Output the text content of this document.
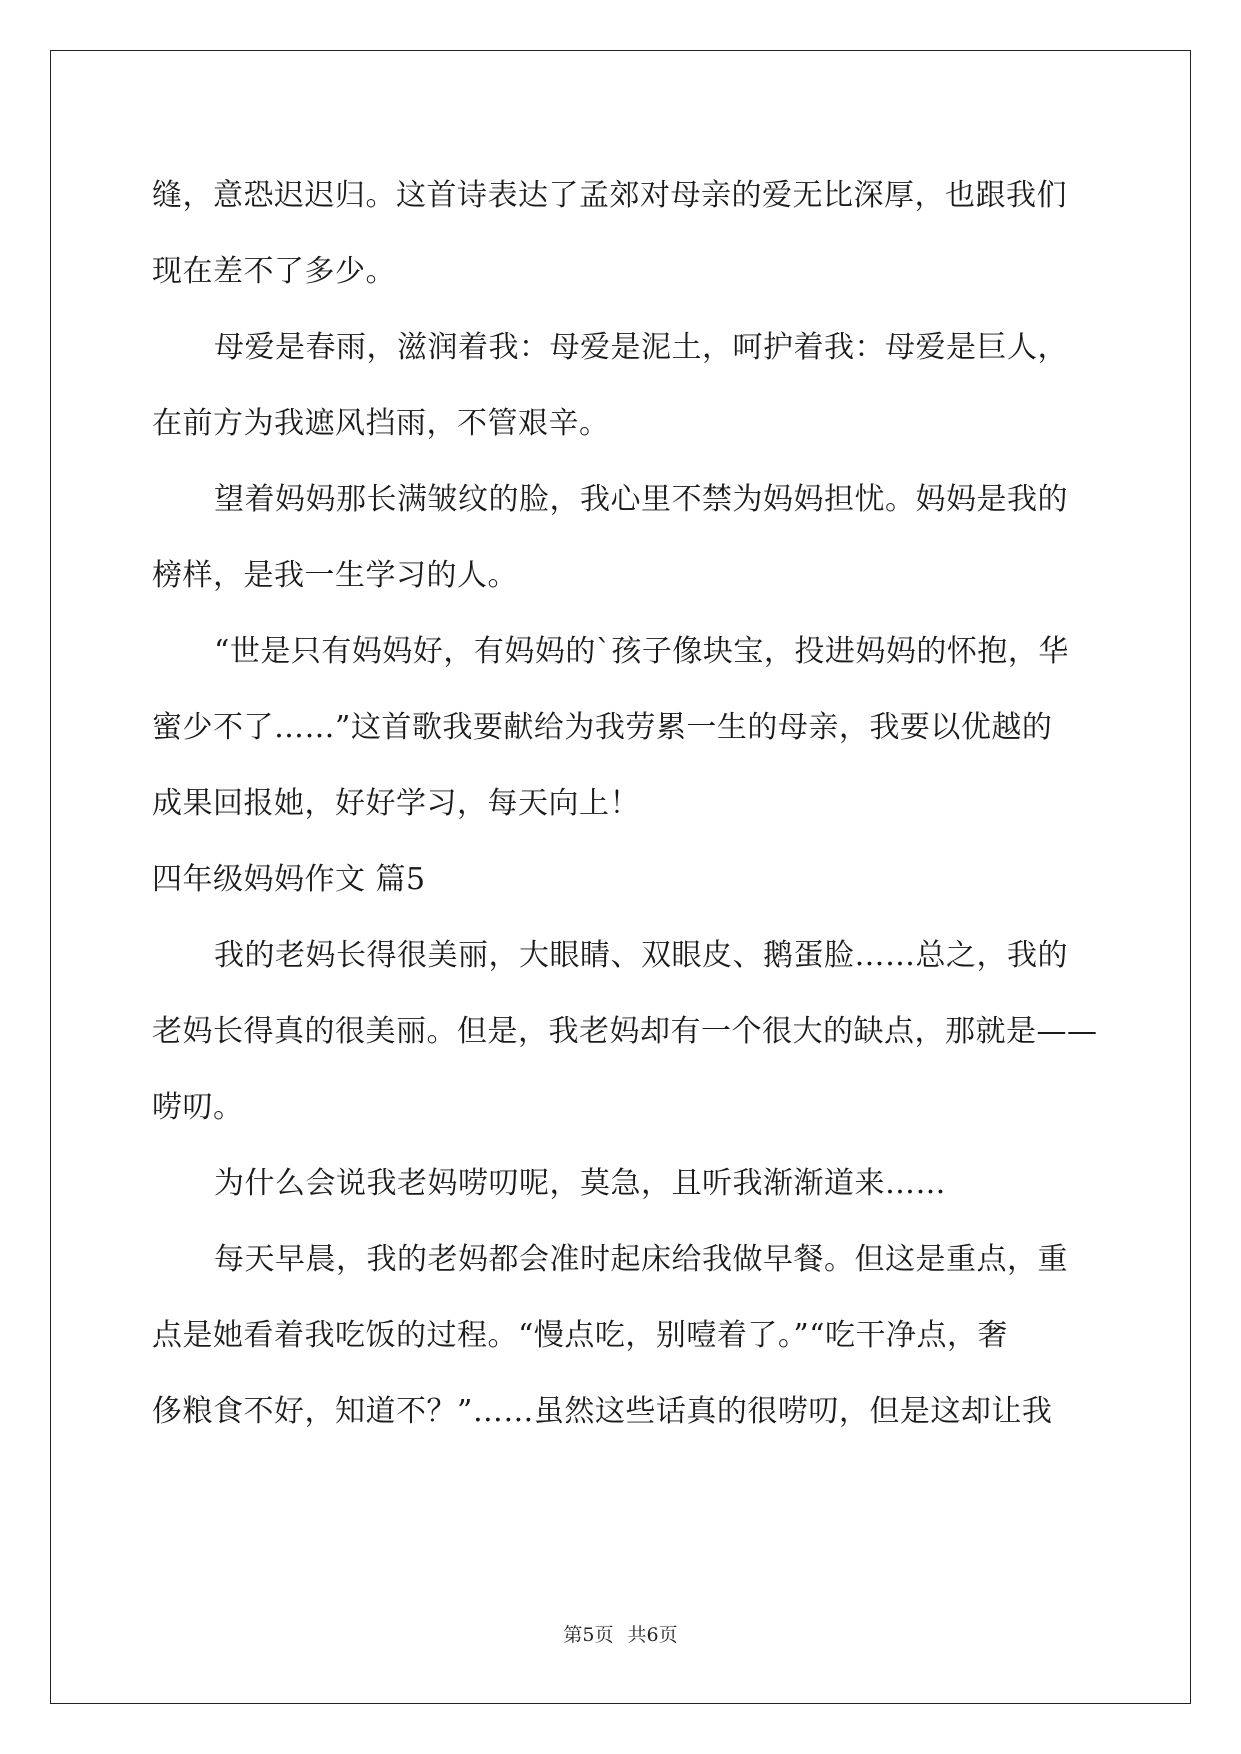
缝，意恐迟迟归。这首诗表达了孟郊对母亲的爱无比深厚，也跟我们
现在差不了多少。
母爱是春雨，滋润着我：母爱是泥土，呵护着我：母爱是巨人，
在前方为我遮风挡雨，不管艰辛。
望着妈妈那长满皱纹的脸，我心里不禁为妈妈担忧。妈妈是我的
榜样，是我一生学习的人。
“世是只有妈妈好，有妈妈的`孩子像块宝，投进妈妈的怀抱，华
蜜少不了……”这首歌我要献给为我劳累一生的母亲，我要以优越的
成果回报她，好好学习，每天向上！
四年级妈妈作文 篇5
我的老妈长得很美丽，大眼睛、双眼皮、鹅蛋脸……总之，我的
老妈长得真的很美丽。但是，我老妈却有一个很大的缺点，那就是——
唠叨。
为什么会说我老妈唠叨呢，莫急，且听我渐渐道来……
每天早晨，我的老妈都会准时起床给我做早餐。但这是重点，重
点是她看着我吃饭的过程。“慢点吃，别噎着了。”“吃干净点，奢
侈粮食不好，知道不？”……虽然这些话真的很唠叨，但是这却让我
第5页 共6页
